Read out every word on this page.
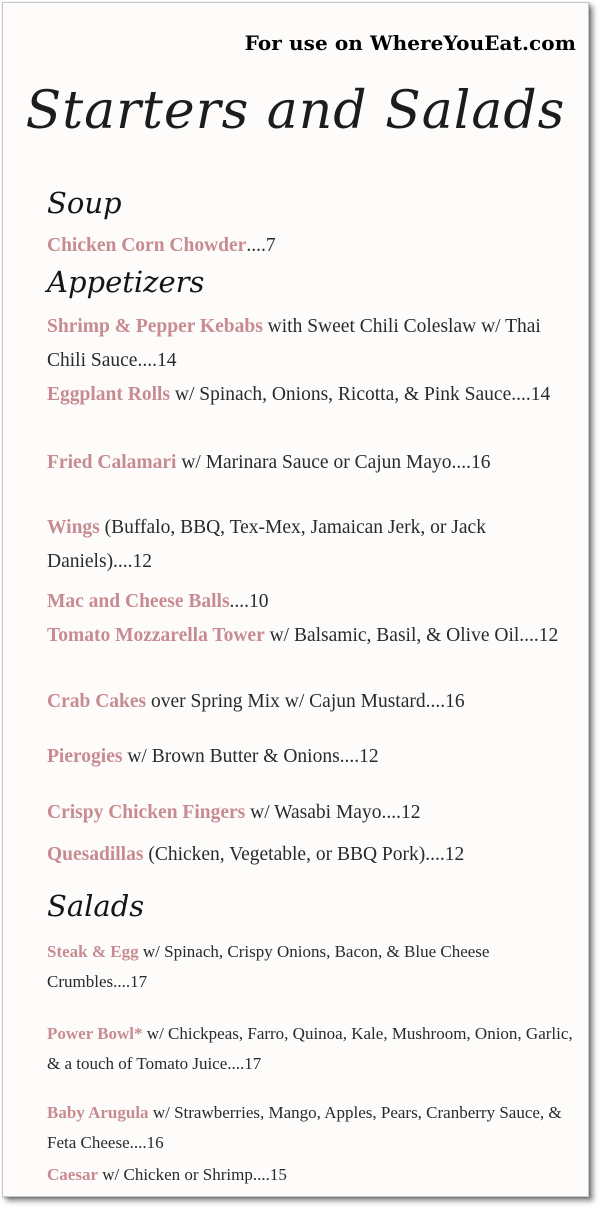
For use on WhereYouEat.com
Starters and Salads
Soup
Chicken Corn Chowder....7
Appetizers
Shrimp & Pepper Kebabs with Sweet Chili Coleslaw w/ Thai Chili Sauce....14
Eggplant Rolls w/ Spinach, Onions, Ricotta, & Pink Sauce....14
Fried Calamari w/ Marinara Sauce or Cajun Mayo....16
Wings (Buffalo, BBQ, Tex-Mex, Jamaican Jerk, or Jack Daniels)....12
Mac and Cheese Balls....10
Tomato Mozzarella Tower w/ Balsamic, Basil, & Olive Oil....12
Crab Cakes over Spring Mix w/ Cajun Mustard....16
Pierogies w/ Brown Butter & Onions....12
Crispy Chicken Fingers w/ Wasabi Mayo....12
Quesadillas (Chicken, Vegetable, or BBQ Pork)....12
Salads
Steak & Egg w/ Spinach, Crispy Onions, Bacon, & Blue Cheese Crumbles....17
Power Bowl* w/ Chickpeas, Farro, Quinoa, Kale, Mushroom, Onion, Garlic, & a touch of Tomato Juice....17
Baby Arugula w/ Strawberries, Mango, Apples, Pears, Cranberry Sauce, & Feta Cheese....16
Caesar w/ Chicken or Shrimp....15
